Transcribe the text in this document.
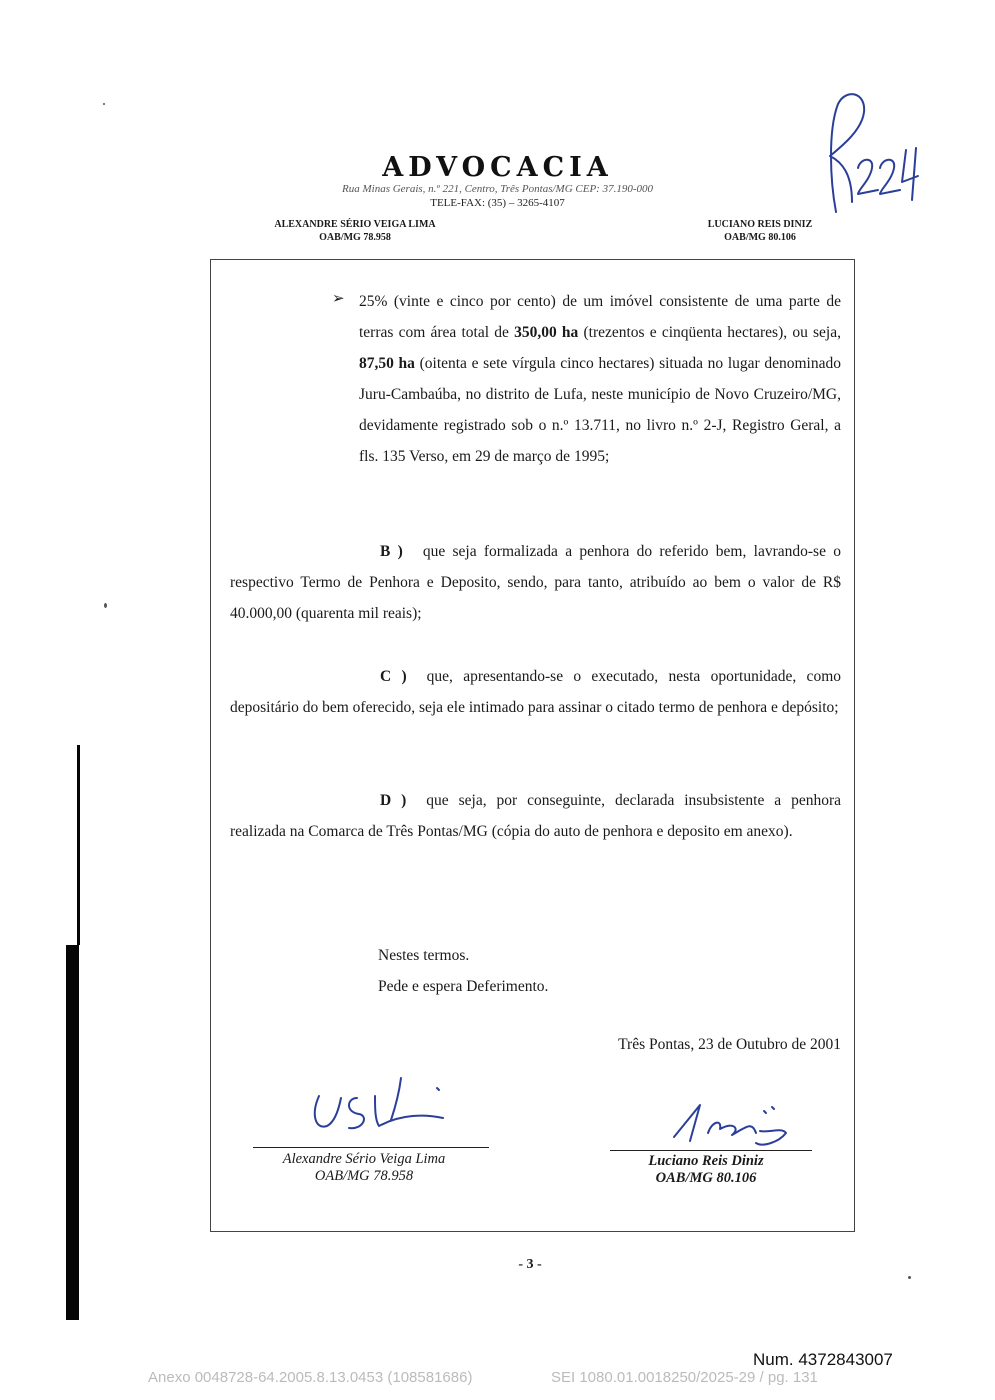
ADVOCACIA
Rua Minas Gerais, n.º 221, Centro, Três Pontas/MG CEP: 37.190-000
TELE-FAX: (35) – 3265-4107
ALEXANDRE SÉRIO VEIGA LIMA
OAB/MG 78.958
LUCIANO REIS DINIZ
OAB/MG 80.106
➢ 25% (vinte e cinco por cento) de um imóvel consistente de uma parte de terras com área total de 350,00 ha (trezentos e cinqüenta hectares), ou seja, 87,50 ha (oitenta e sete vírgula cinco hectares) situada no lugar denominado Juru-Cambaúba, no distrito de Lufa, neste município de Novo Cruzeiro/MG, devidamente registrado sob o n.º 13.711, no livro n.º 2-J, Registro Geral, a fls. 135 Verso, em 29 de março de 1995;
B ) que seja formalizada a penhora do referido bem, lavrando-se o respectivo Termo de Penhora e Deposito, sendo, para tanto, atribuído ao bem o valor de R$ 40.000,00 (quarenta mil reais);
C ) que, apresentando-se o executado, nesta oportunidade, como depositário do bem oferecido, seja ele intimado para assinar o citado termo de penhora e depósito;
D ) que seja, por conseguinte, declarada insubsistente a penhora realizada na Comarca de Três Pontas/MG (cópia do auto de penhora e deposito em anexo).
Nestes termos.
Pede e espera Deferimento.
Três Pontas, 23 de Outubro de 2001
Alexandre Sério Veiga Lima
OAB/MG 78.958
Luciano Reis Diniz
OAB/MG 80.106
- 3 -
Num. 4372843007
Anexo 0048728-64.2005.8.13.0453 (108581686)	SEI 1080.01.0018250/2025-29 / pg. 131
